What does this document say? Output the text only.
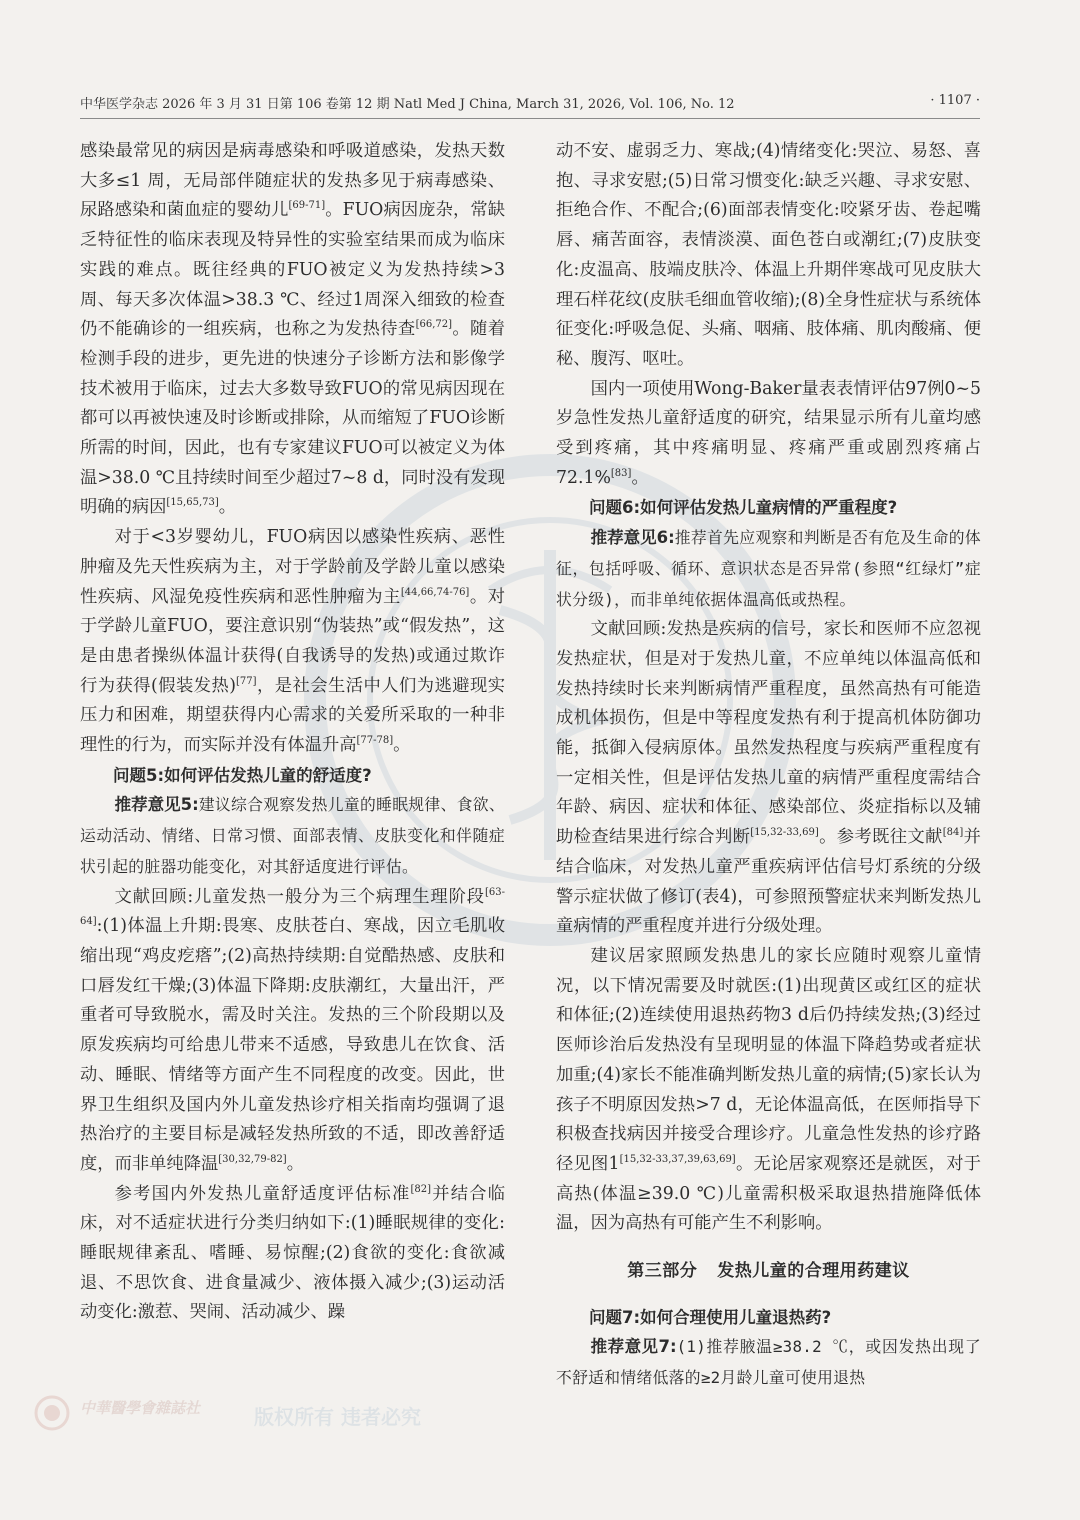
中华医学杂志 2026 年 3 月 31 日第 106 卷第 12 期 Natl Med J China, March 31, 2026, Vol. 106, No. 12	· 1107 ·
感染最常见的病因是病毒感染和呼吸道感染，发热天数大多≤1 周，无局部伴随症状的发热多见于病毒感染、尿路感染和菌血症的婴幼儿[69-71]。FUO病因庞杂，常缺乏特征性的临床表现及特异性的实验室结果而成为临床实践的难点。既往经典的FUO被定义为发热持续>3周、每天多次体温>38.3 ℃、经过1周深入细致的检查仍不能确诊的一组疾病，也称之为发热待查[66,72]。随着检测手段的进步，更先进的快速分子诊断方法和影像学技术被用于临床，过去大多数导致FUO的常见病因现在都可以再被快速及时诊断或排除，从而缩短了FUO诊断所需的时间，因此，也有专家建议FUO可以被定义为体温>38.0 ℃且持续时间至少超过7~8 d，同时没有发现明确的病因[15,65,73]。
对于<3岁婴幼儿，FUO病因以感染性疾病、恶性肿瘤及先天性疾病为主，对于学龄前及学龄儿童以感染性疾病、风湿免疫性疾病和恶性肿瘤为主[44,66,74-76]。对于学龄儿童FUO，要注意识别“伪装热”或“假发热”，这是由患者操纵体温计获得(自我诱导的发热)或通过欺诈行为获得(假装发热)[77]，是社会生活中人们为逃避现实压力和困难，期望获得内心需求的关爱所采取的一种非理性的行为，而实际并没有体温升高[77-78]。
问题5:如何评估发热儿童的舒适度?
推荐意见5:建议综合观察发热儿童的睡眠规律、食欲、运动活动、情绪、日常习惯、面部表情、皮肤变化和伴随症状引起的脏器功能变化，对其舒适度进行评估。
文献回顾:儿童发热一般分为三个病理生理阶段[63-64]:(1)体温上升期:畏寒、皮肤苍白、寒战，因立毛肌收缩出现“鸡皮疙瘩”;(2)高热持续期:自觉酷热感、皮肤和口唇发红干燥;(3)体温下降期:皮肤潮红，大量出汗，严重者可导致脱水，需及时关注。发热的三个阶段期以及原发疾病均可给患儿带来不适感，导致患儿在饮食、活动、睡眠、情绪等方面产生不同程度的改变。因此，世界卫生组织及国内外儿童发热诊疗相关指南均强调了退热治疗的主要目标是减轻发热所致的不适，即改善舒适度，而非单纯降温[30,32,79-82]。
参考国内外发热儿童舒适度评估标准[82]并结合临床，对不适症状进行分类归纳如下:(1)睡眠规律的变化:睡眠规律紊乱、嗜睡、易惊醒;(2)食欲的变化:食欲减退、不思饮食、进食量减少、液体摄入减少;(3)运动活动变化:激惹、哭闹、活动减少、躁
动不安、虚弱乏力、寒战;(4)情绪变化:哭泣、易怒、喜抱、寻求安慰;(5)日常习惯变化:缺乏兴趣、寻求安慰、拒绝合作、不配合;(6)面部表情变化:咬紧牙齿、卷起嘴唇、痛苦面容，表情淡漠、面色苍白或潮红;(7)皮肤变化:皮温高、肢端皮肤冷、体温上升期伴寒战可见皮肤大理石样花纹(皮肤毛细血管收缩);(8)全身性症状与系统体征变化:呼吸急促、头痛、咽痛、肢体痛、肌肉酸痛、便秘、腹泻、呕吐。
国内一项使用Wong-Baker量表表情评估97例0~5岁急性发热儿童舒适度的研究，结果显示所有儿童均感受到疼痛，其中疼痛明显、疼痛严重或剧烈疼痛占72.1%[83]。
问题6:如何评估发热儿童病情的严重程度?
推荐意见6:推荐首先应观察和判断是否有危及生命的体征，包括呼吸、循环、意识状态是否异常(参照“红绿灯”症状分级)，而非单纯依据体温高低或热程。
文献回顾:发热是疾病的信号，家长和医师不应忽视发热症状，但是对于发热儿童，不应单纯以体温高低和发热持续时长来判断病情严重程度，虽然高热有可能造成机体损伤，但是中等程度发热有利于提高机体防御功能，抵御入侵病原体。虽然发热程度与疾病严重程度有一定相关性，但是评估发热儿童的病情严重程度需结合年龄、病因、症状和体征、感染部位、炎症指标以及辅助检查结果进行综合判断[15,32-33,69]。参考既往文献[84]并结合临床，对发热儿童严重疾病评估信号灯系统的分级警示症状做了修订(表4)，可参照预警症状来判断发热儿童病情的严重程度并进行分级处理。
建议居家照顾发热患儿的家长应随时观察儿童情况，以下情况需要及时就医:(1)出现黄区或红区的症状和体征;(2)连续使用退热药物3 d后仍持续发热;(3)经过医师诊治后发热没有呈现明显的体温下降趋势或者症状加重;(4)家长不能准确判断发热儿童的病情;(5)家长认为孩子不明原因发热>7 d，无论体温高低，在医师指导下积极查找病因并接受合理诊疗。儿童急性发热的诊疗路径见图1[15,32-33,37,39,63,69]。无论居家观察还是就医，对于高热(体温≥39.0 ℃)儿童需积极采取退热措施降低体温，因为高热有可能产生不利影响。
第三部分 发热儿童的合理用药建议
问题7:如何合理使用儿童退热药?
推荐意见7:(1)推荐腋温≥38.2 ℃，或因发热出现了不舒适和情绪低落的≥2月龄儿童可使用退热
中華醫學會雜誌社	版权所有 违者必究
